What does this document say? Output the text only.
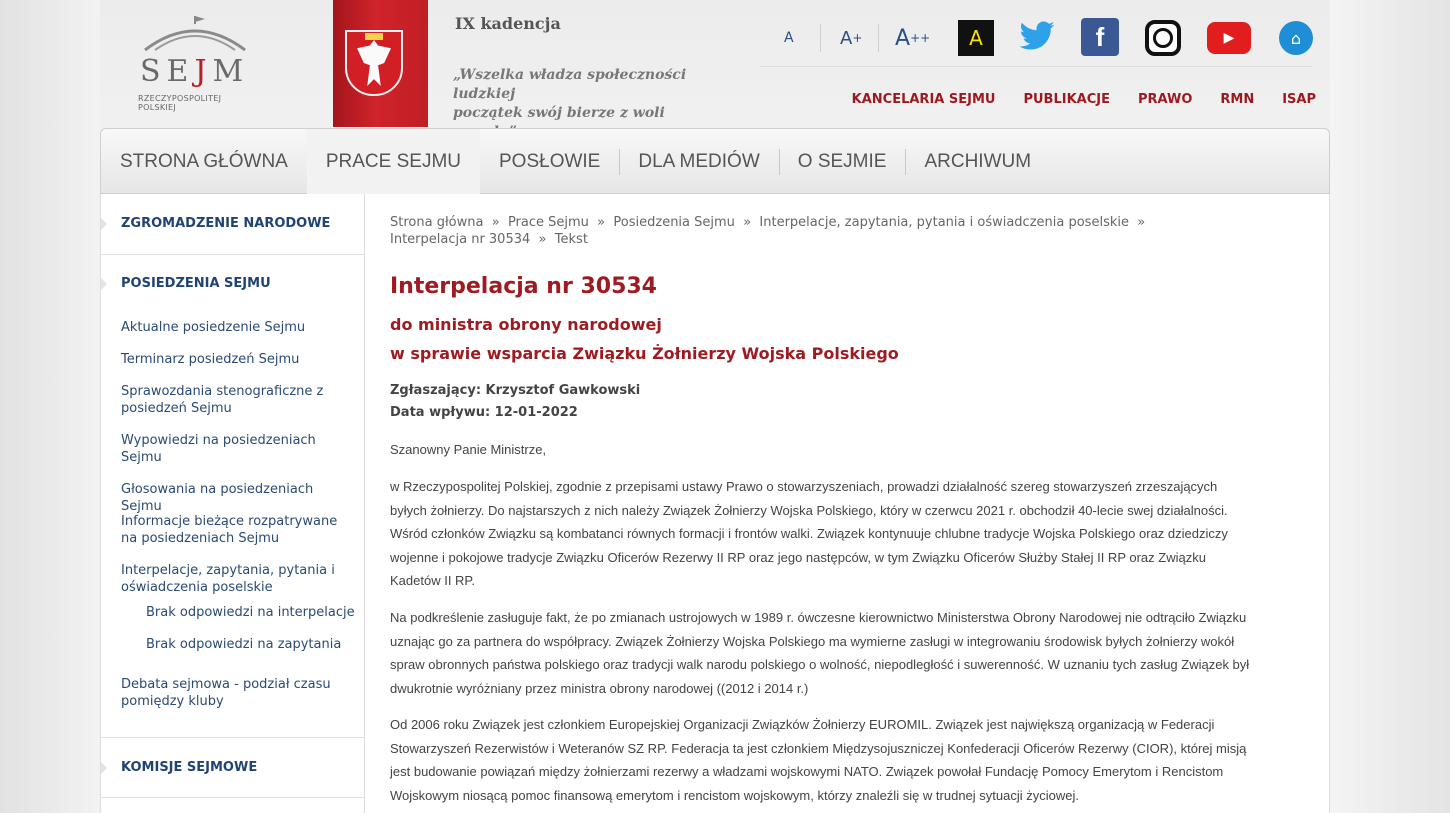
SEJM
RZECZYPOSPOLITEJ POLSKIEJ
IX kadencja
„Wszelka władza społeczności ludzkiej
początek swój bierze z woli
A	A + A ++	A	f	▶	⌂
KANCELARIA SEJMU PUBLIKACJE PRAWO RMN ISAP
STRONA GŁÓWNA	PRACE SEJMU	POSŁOWIE	DLA MEDIÓW	O SEJMIE	ARCHIWUM
ZGROMADZENIE NARODOWE
POSIEDZENIA SEJMU
Aktualne posiedzenie Sejmu
Terminarz posiedzeń Sejmu
Sprawozdania stenograficzne z posiedzeń Sejmu
Wypowiedzi na posiedzeniach Sejmu
Głosowania na posiedzeniach Sejmu
Informacje bieżące rozpatrywane na posiedzeniach Sejmu
Interpelacje, zapytania, pytania i oświadczenia poselskie
Brak odpowiedzi na interpelacje
Brak odpowiedzi na zapytania
Debata sejmowa - podział czasu pomiędzy kluby
KOMISJE SEJMOWE
Strona główna » Prace Sejmu » Posiedzenia Sejmu » Interpelacje, zapytania, pytania i oświadczenia poselskie »  Interpelacja nr 30534 » Tekst
Interpelacja nr 30534
do ministra obrony narodowej
w sprawie wsparcia Związku Żołnierzy Wojska Polskiego
Zgłaszający: Krzysztof Gawkowski
Data wpływu: 12-01-2022
Szanowny Panie Ministrze,
w Rzeczypospolitej Polskiej, zgodnie z przepisami ustawy Prawo o stowarzyszeniach, prowadzi działalność szereg stowarzyszeń zrzeszających byłych żołnierzy. Do najstarszych z nich należy Związek Żołnierzy Wojska Polskiego, który w czerwcu 2021 r. obchodził 40-lecie swej działalności. Wśród członków Związku są kombatanci równych formacji i frontów walki. Związek kontynuuje chlubne tradycje Wojska Polskiego oraz dziedziczy wojenne i pokojowe tradycje Związku Oficerów Rezerwy II RP oraz jego następców, w tym Związku Oficerów Służby Stałej II RP oraz Związku Kadetów II RP.
Na podkreślenie zasługuje fakt, że po zmianach ustrojowych w 1989 r. ówczesne kierownictwo Ministerstwa Obrony Narodowej nie odtrąciło Związku uznając go za partnera do współpracy. Związek Żołnierzy Wojska Polskiego ma wymierne zasługi w integrowaniu środowisk byłych żołnierzy wokół spraw obronnych państwa polskiego oraz tradycji walk narodu polskiego o wolność, niepodległość i suwerenność. W uznaniu tych zasług Związek był dwukrotnie wyróżniany przez ministra obrony narodowej ((2012 i 2014 r.)
Od 2006 roku Związek jest członkiem Europejskiej Organizacji Związków Żołnierzy EUROMIL. Związek jest największą organizacją w Federacji Stowarzyszeń Rezerwistów i Weteranów SZ RP. Federacja ta jest członkiem Międzysojuszniczej Konfederacji Oficerów Rezerwy (CIOR), której misją jest budowanie powiązań między żołnierzami rezerwy a władzami wojskowymi NATO. Związek powołał Fundację Pomocy Emerytom i Rencistom Wojskowym niosącą pomoc finansową emerytom i rencistom wojskowym, którzy znaleźli się w trudnej sytuacji życiowej.
